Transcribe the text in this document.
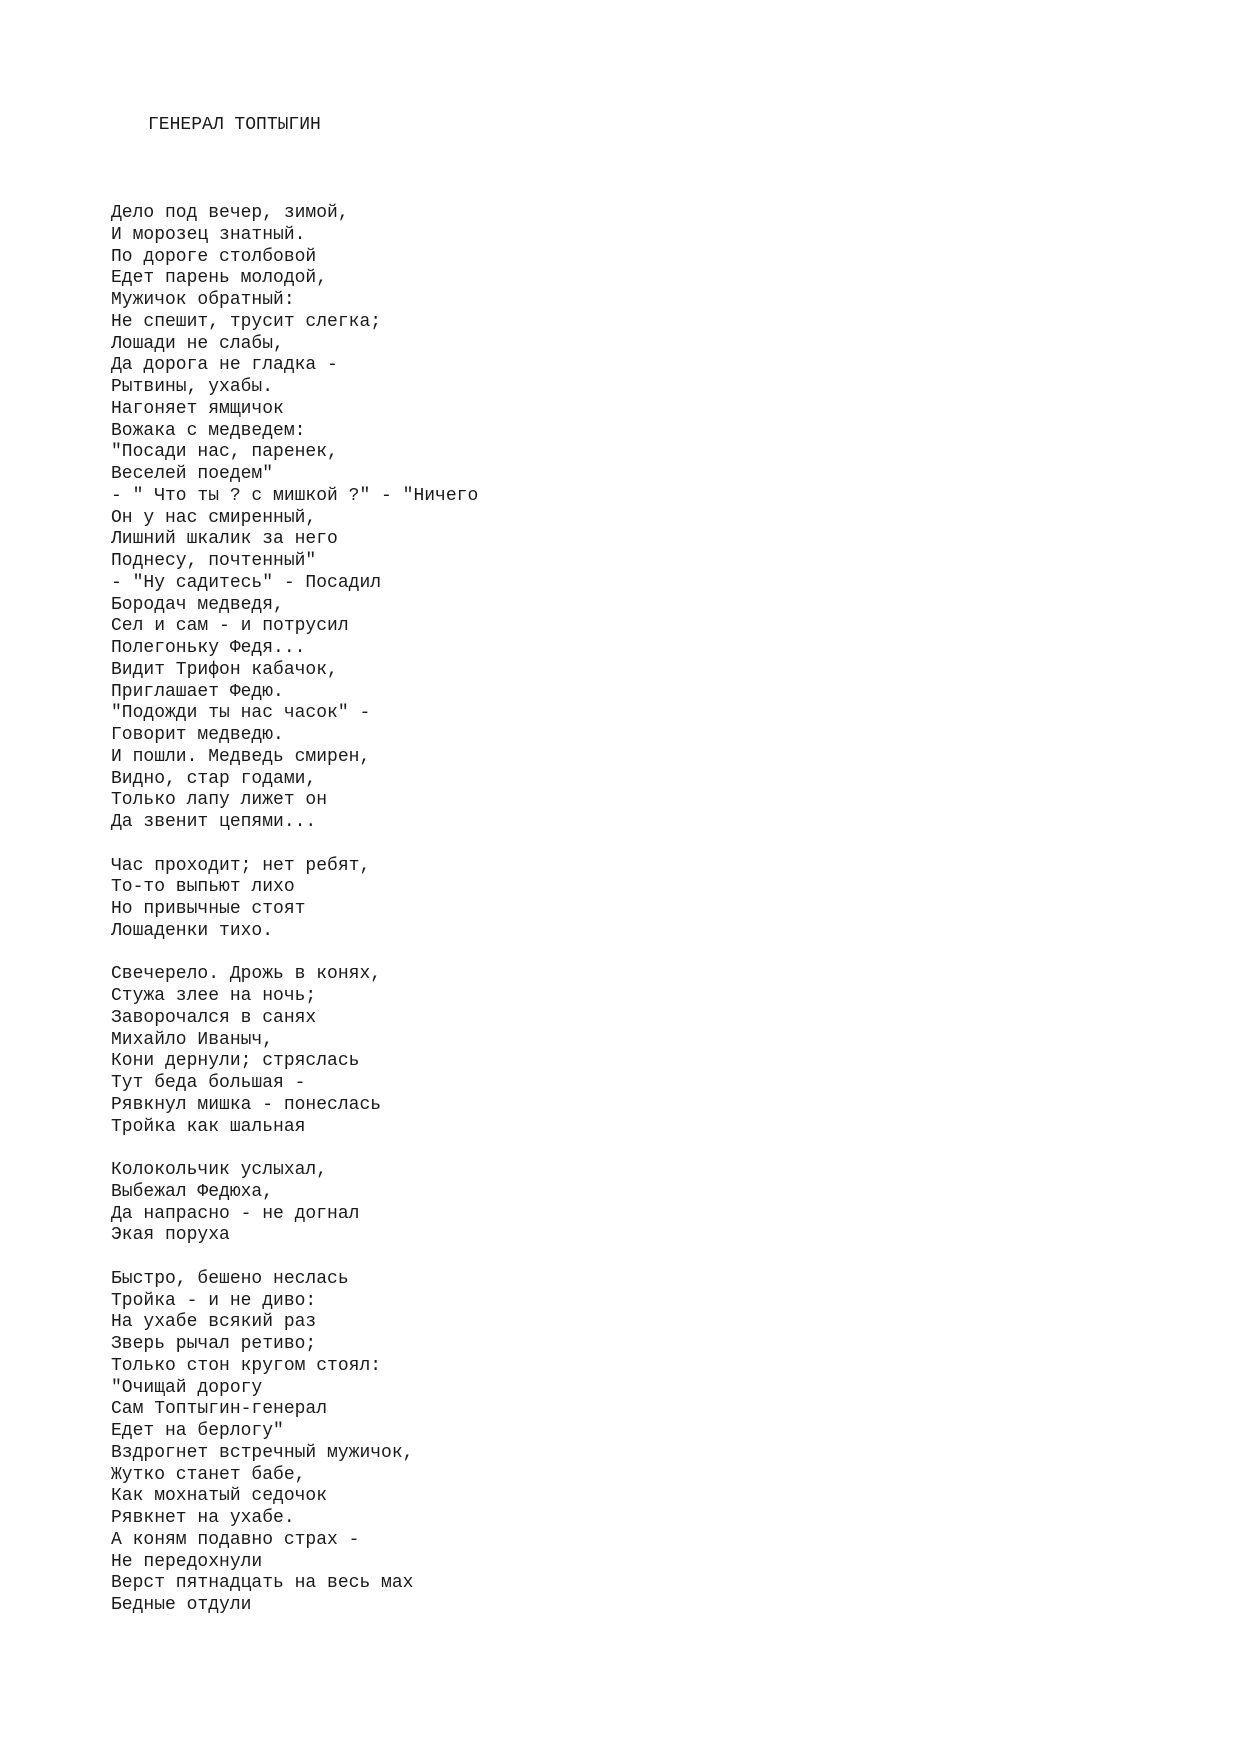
ГЕНЕРАЛ ТОПТЫГИН
Дело под вечер, зимой,
И морозец знатный.
По дороге столбовой
Едет парень молодой,
Мужичок обратный:
Не спешит, трусит слегка;
Лошади не слабы,
Да дорога не гладка -
Рытвины, ухабы.
Нагоняет ямщичок
Вожака с медведем:
"Посади нас, паренек,
Веселей поедем"
- " Что ты ? с мишкой ?" - "Ничего
Он у нас смиренный,
Лишний шкалик за него
Поднесу, почтенный"
- "Ну садитесь" - Посадил
Бородач медведя,
Сел и сам - и потрусил
Полегоньку Федя...
Видит Трифон кабачок,
Приглашает Федю.
"Подожди ты нас часок" -
Говорит медведю.
И пошли. Медведь смирен,
Видно, стар годами,
Только лапу лижет он
Да звенит цепями...
Час проходит; нет ребят,
То-то выпьют лихо
Но привычные стоят
Лошаденки тихо.
Свечерело. Дрожь в конях,
Стужа злее на ночь;
Заворочался в санях
Михайло Иваныч,
Кони дернули; стряслась
Тут беда большая -
Рявкнул мишка - понеслась
Тройка как шальная
Колокольчик услыхал,
Выбежал Федюха,
Да напрасно - не догнал
Экая поруха
Быстро, бешено неслась
Тройка - и не диво:
На ухабе всякий раз
Зверь рычал ретиво;
Только стон кругом стоял:
"Очищай дорогу
Сам Топтыгин-генерал
Едет на берлогу"
Вздрогнет встречный мужичок,
Жутко станет бабе,
Как мохнатый седочок
Рявкнет на ухабе.
А коням подавно страх -
Не передохнули
Верст пятнадцать на весь мах
Бедные отдули
